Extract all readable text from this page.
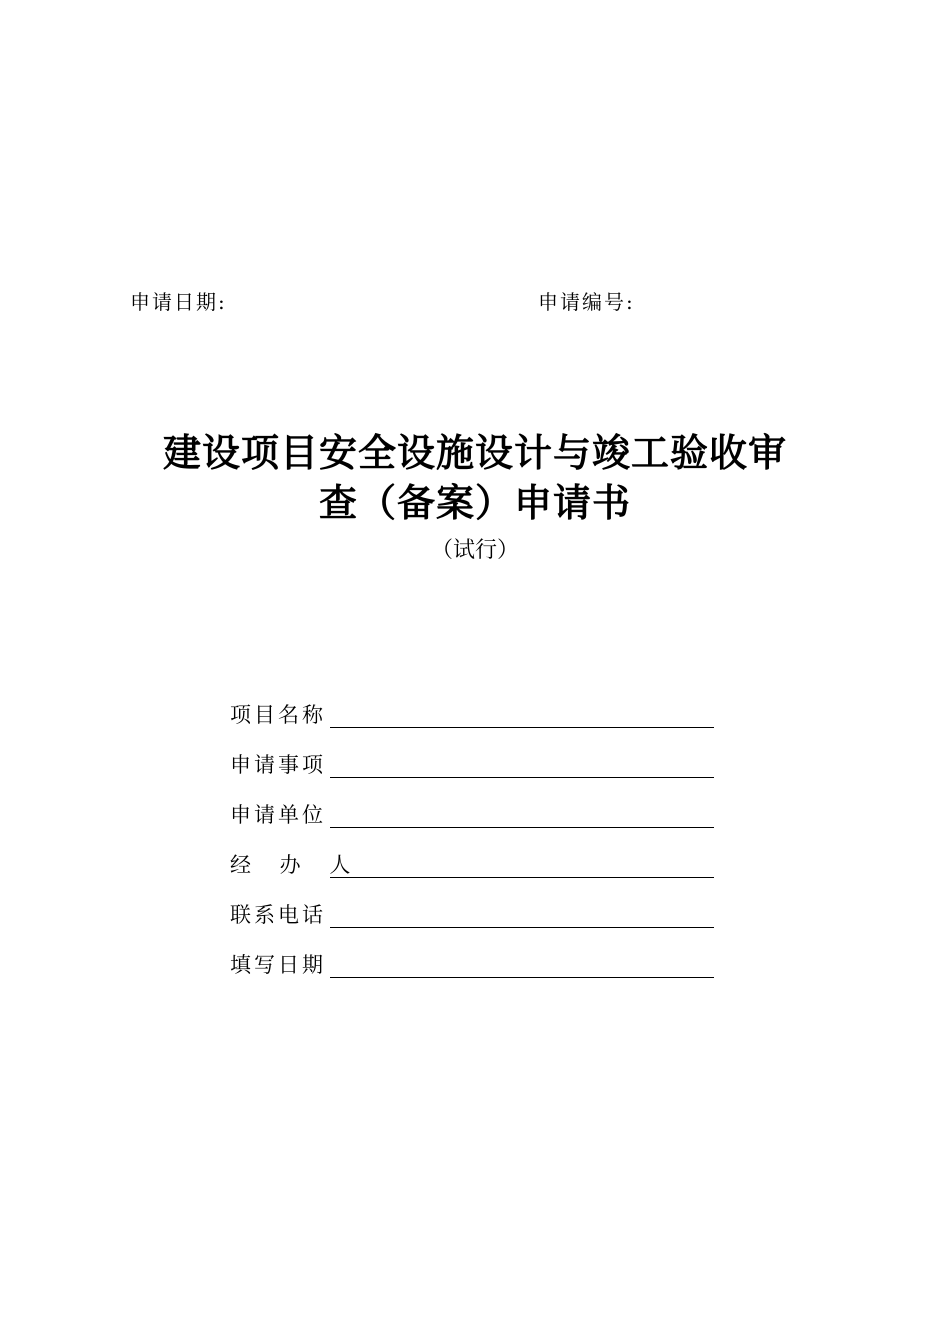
申请日期:	申请编号:
建设项目安全设施设计与竣工验收审
查（备案）申请书
（试行）
项目名称
申请事项
申请单位
经 办 人
联系电话
填写日期
